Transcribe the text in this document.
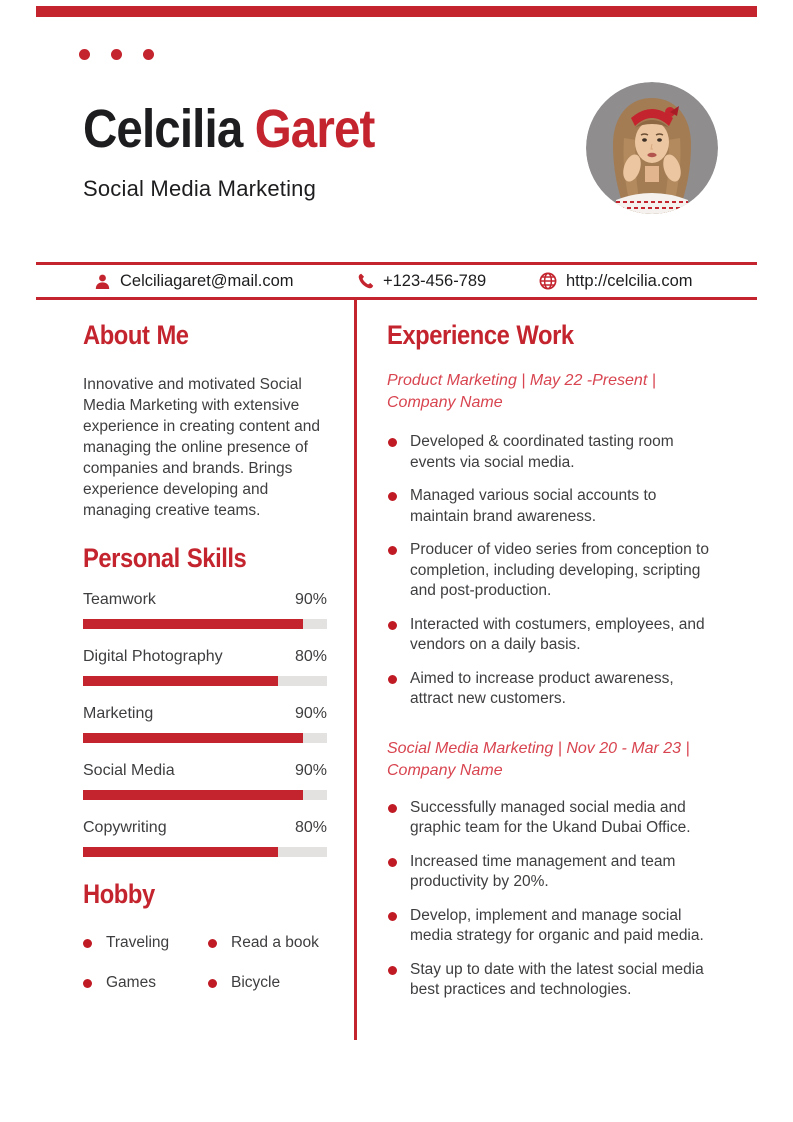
Celcilia Garet
Social Media Marketing
Celciliagaret@mail.com	+123-456-789	http://celcilia.com
About Me

Innovative and motivated Social Media Marketing with extensive experience in creating content and managing the online presence of companies and brands. Brings experience developing and managing creative teams.

Personal Skills
Teamwork	90%
Digital Photography	80%
Marketing	90%
Social Media	90%
Copywriting	80%
Hobby
Traveling	Read a book
Games	Bicycle
Experience Work

Product Marketing | May 22 -Present |
Company Name

Developed & coordinated tasting room events via social media.
Managed various social accounts to maintain brand awareness.
Producer of video series from conception to completion, including developing, scripting and post-production.
Interacted with costumers, employees, and vendors on a daily basis.
Aimed to increase product awareness, attract new customers.

Social Media Marketing | Nov 20 - Mar 23 |
Company Name

Successfully managed social media and graphic team for the Ukand Dubai Office.
Increased time management and team productivity by 20%.
Develop, implement and manage social media strategy for organic and paid media.
Stay up to date with the latest social media best practices and technologies.
